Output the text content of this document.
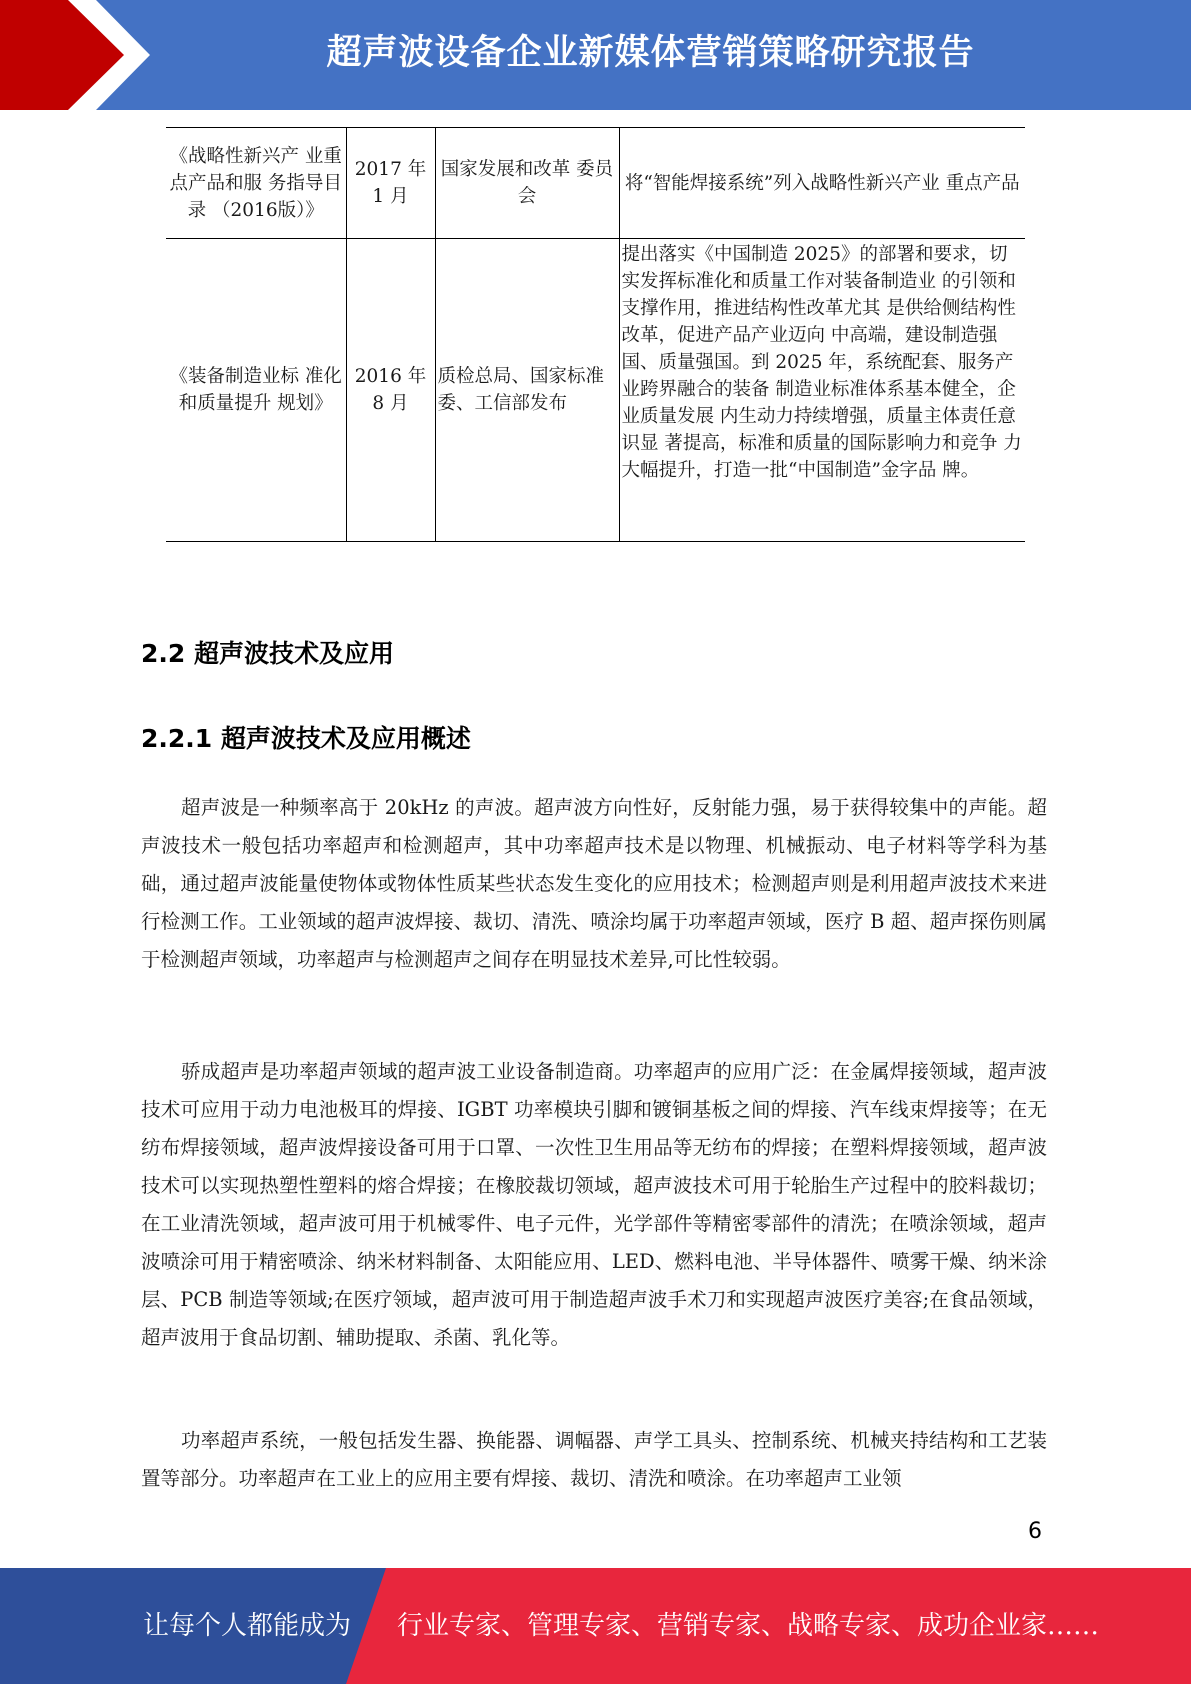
超声波设备企业新媒体营销策略研究报告
《战略性新兴产 业重点产品和服 务指导目录 （2016版）》	2017 年 1 月	国家发展和改革 委员会	将“智能焊接系统”列入战略性新兴产业 重点产品
《装备制造业标 准化和质量提升 规划》	2016 年 8 月	质检总局、国家标准委、工信部发布	提出落实《中国制造 2025》的部署和要求，切实发挥标准化和质量工作对装备制造业 的引领和支撑作用，推进结构性改革尤其 是供给侧结构性改革，促进产品产业迈向 中高端，建设制造强国、质量强国。到 2025 年，系统配套、服务产业跨界融合的装备 制造业标准体系基本健全，企业质量发展 内生动力持续增强，质量主体责任意识显 著提高，标准和质量的国际影响力和竞争 力大幅提升，打造一批“中国制造”金字品 牌。
2.2 超声波技术及应用
2.2.1 超声波技术及应用概述

超声波是一种频率高于 20kHz 的声波。超声波方向性好，反射能力强，易于获得较集中的声能。超声波技术一般包括功率超声和检测超声，其中功率超声技术是以物理、机械振动、电子材料等学科为基础，通过超声波能量使物体或物体性质某些状态发生变化的应用技术；检测超声则是利用超声波技术来进行检测工作。工业领域的超声波焊接、裁切、清洗、喷涂均属于功率超声领域，医疗 B 超、超声探伤则属于检测超声领域，功率超声与检测超声之间存在明显技术差异,可比性较弱。

骄成超声是功率超声领域的超声波工业设备制造商。功率超声的应用广泛：在金属焊接领域，超声波技术可应用于动力电池极耳的焊接、IGBT 功率模块引脚和镀铜基板之间的焊接、汽车线束焊接等；在无纺布焊接领域，超声波焊接设备可用于口罩、一次性卫生用品等无纺布的焊接；在塑料焊接领域，超声波技术可以实现热塑性塑料的熔合焊接；在橡胶裁切领域，超声波技术可用于轮胎生产过程中的胶料裁切；在工业清洗领域，超声波可用于机械零件、电子元件，光学部件等精密零部件的清洗；在喷涂领域，超声波喷涂可用于精密喷涂、纳米材料制备、太阳能应用、LED、燃料电池、半导体器件、喷雾干燥、纳米涂层、PCB 制造等领域;在医疗领域，超声波可用于制造超声波手术刀和实现超声波医疗美容;在食品领域，超声波用于食品切割、辅助提取、杀菌、乳化等。

功率超声系统，一般包括发生器、换能器、调幅器、声学工具头、控制系统、机械夹持结构和工艺装置等部分。功率超声在工业上的应用主要有焊接、裁切、清洗和喷涂。在功率超声工业领

6
让每个人都能成为 行业专家、管理专家、营销专家、战略专家、成功企业家……
